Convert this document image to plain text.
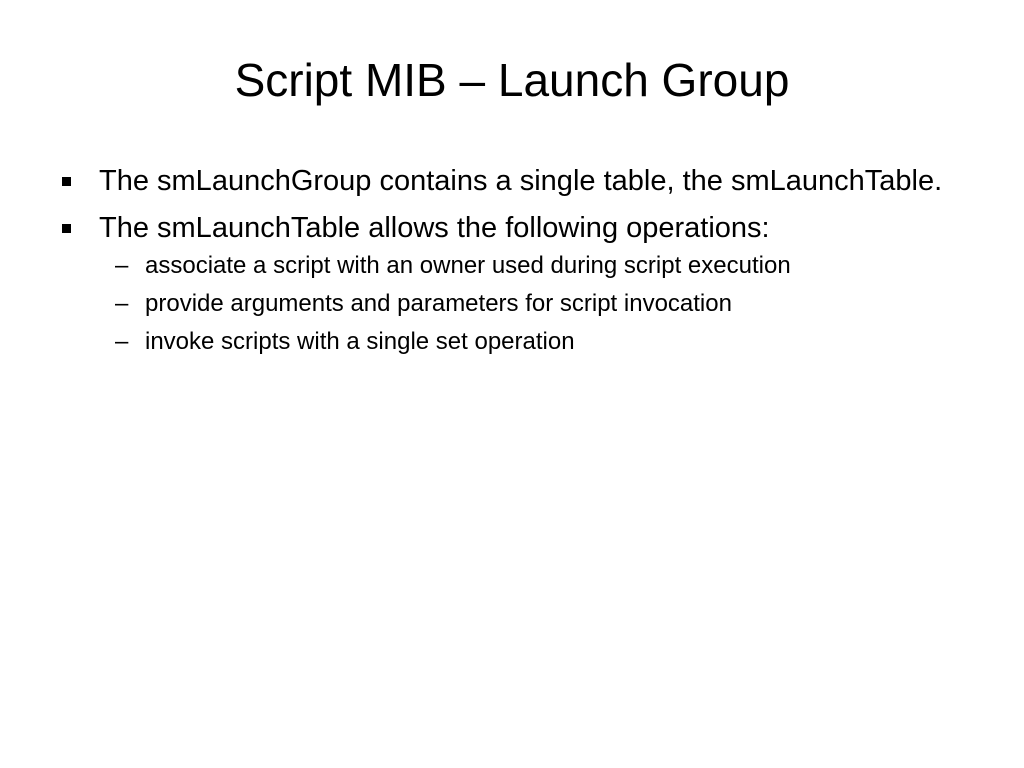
Script MIB – Launch Group
The smLaunchGroup contains a single table, the smLaunchTable.
The smLaunchTable allows the following operations:
– associate a script with an owner used during script execution
– provide arguments and parameters for script invocation
– invoke scripts with a single set operation
